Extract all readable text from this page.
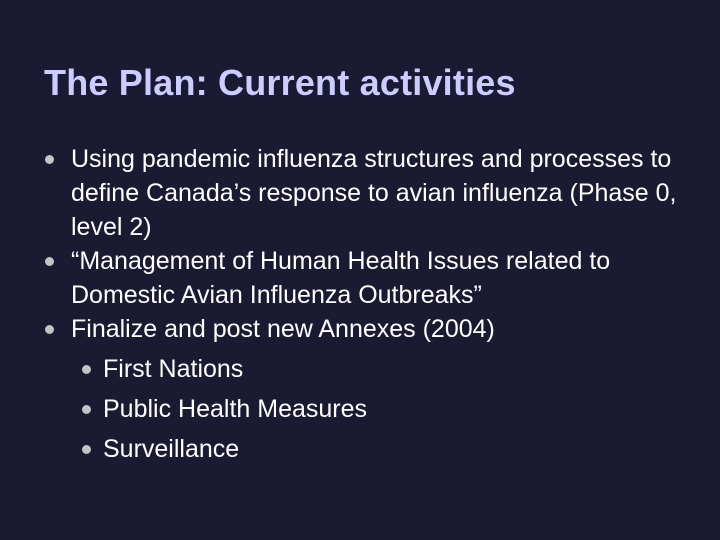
The Plan: Current activities
Using pandemic influenza structures and processes to define Canada’s response to avian influenza (Phase 0, level 2)
“Management of Human Health Issues related to Domestic Avian Influenza Outbreaks”
Finalize and post new Annexes (2004)
First Nations
Public Health Measures
Surveillance
